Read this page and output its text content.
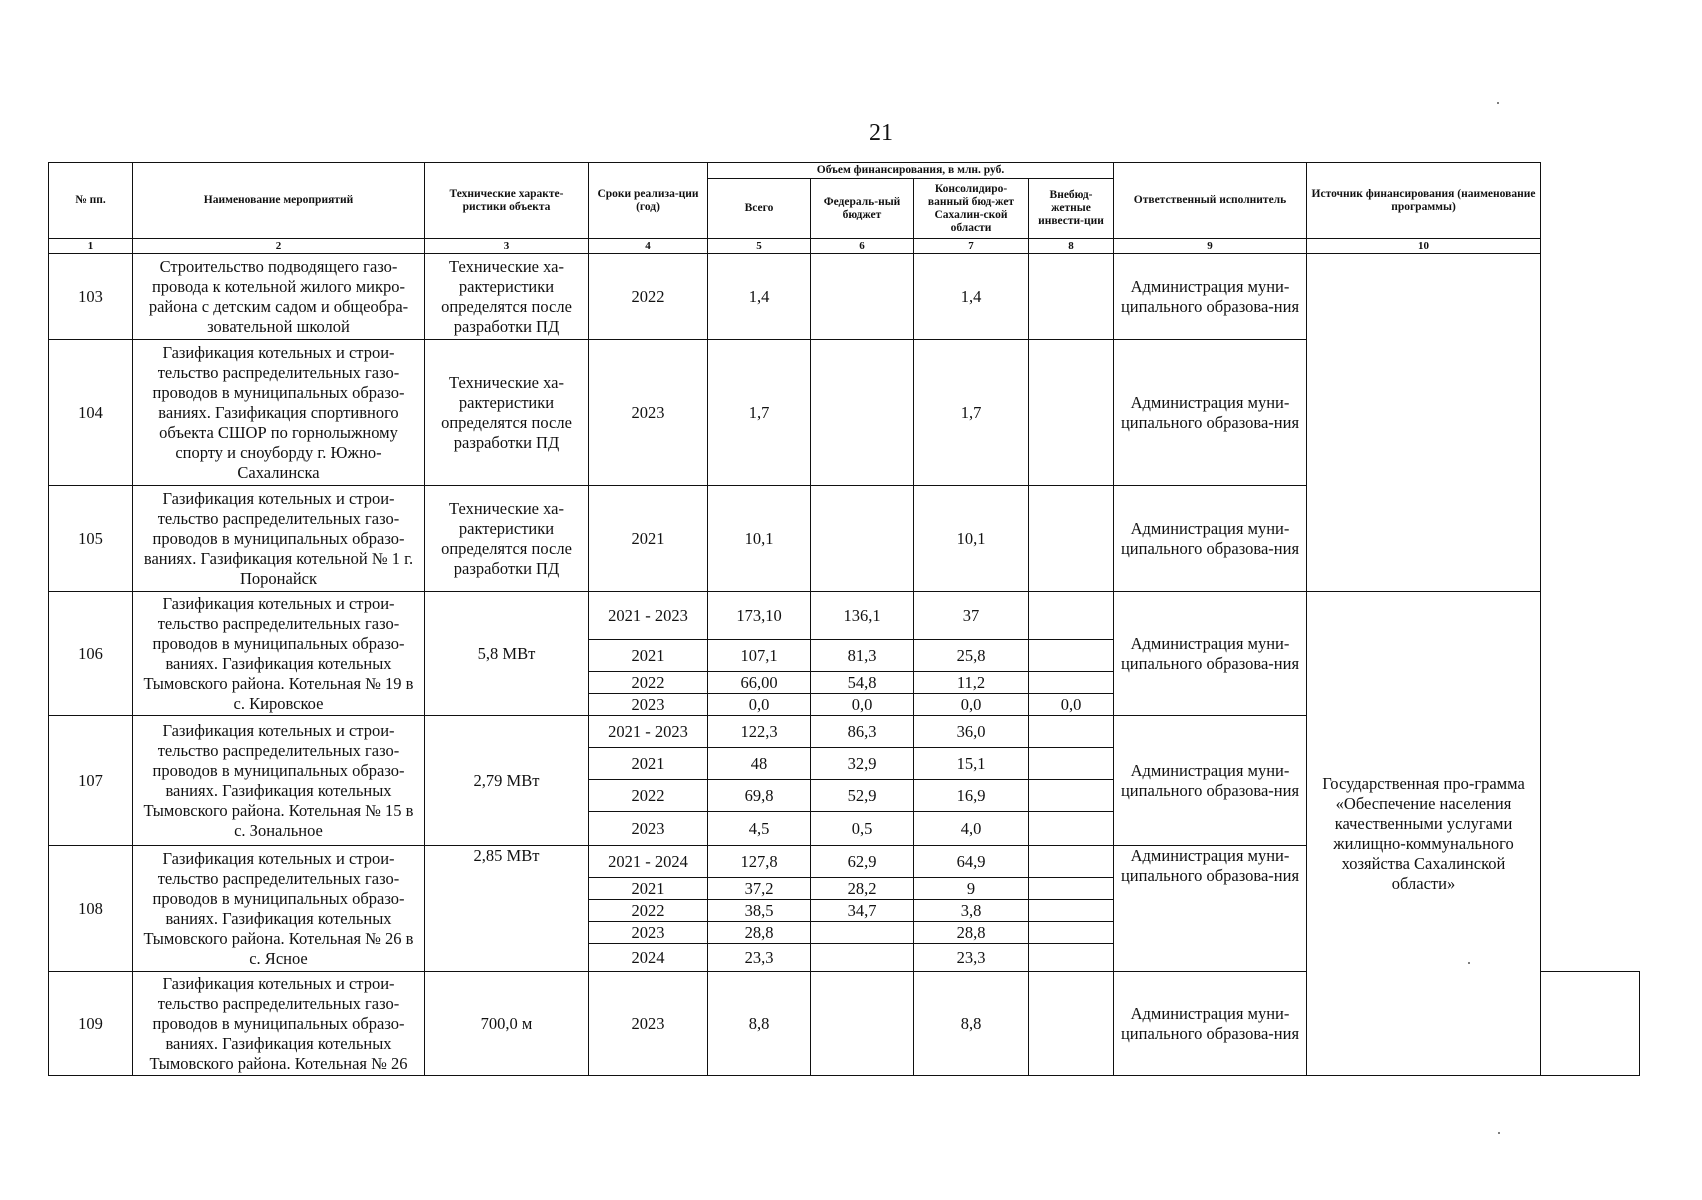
21
№ пп.	Наименование мероприятий	Технические характе-ристики объекта	Сроки реализа-ции (год)	Объем финансирования, в млн. руб.				Ответственный исполнитель	Источник финансирования (наименование программы)	
				Всего	Федераль-ный бюджет	Консолидиро-ванный бюд-жет Сахалин-ской области	Внебюд-жетные инвести-ции			
1	2	3	4	5	6	7	8	9	10	
103	Строительство подводящего газо-провода к котельной жилого микро-района с детским садом и общеобра-зовательной школой	Технические ха-рактеристики определятся после разработки ПД	2022	1,4		1,4		Администрация муни-ципального образова-ния		
104	Газификация котельных и строи-тельство распределительных газо-проводов в муниципальных образо-ваниях. Газификация спортивного объекта СШОР по горнолыжному спорту и сноуборду г. Южно-Сахалинска	Технические ха-рактеристики определятся после разработки ПД	2023	1,7		1,7		Администрация муни-ципального образова-ния		
105	Газификация котельных и строи-тельство распределительных газо-проводов в муниципальных образо-ваниях. Газификация котельной № 1 г. Поронайск	Технические ха-рактеристики определятся после разработки ПД	2021	10,1		10,1		Администрация муни-ципального образова-ния		
106	Газификация котельных и строи-тельство распределительных газо-проводов в муниципальных образо-ваниях. Газификация котельных Тымовского района. Котельная № 19 в с. Кировское	5,8 МВт	2021 - 2023	173,10	136,1	37		Администрация муни-ципального образова-ния	Государственная про-грамма «Обеспечение населения качественными услугами жилищно-коммунального хозяйства Сахалинской области»	
			2021	107,1	81,3	25,8				
			2022	66,00	54,8	11,2				
			2023	0,0	0,0	0,0	0,0			
107	Газификация котельных и строи-тельство распределительных газо-проводов в муниципальных образо-ваниях. Газификация котельных Тымовского района. Котельная № 15 в с. Зональное	2,79 МВт	2021 - 2023	122,3	86,3	36,0		Администрация муни-ципального образова-ния		
			2021	48	32,9	15,1				
			2022	69,8	52,9	16,9				
			2023	4,5	0,5	4,0				
108	Газификация котельных и строи-тельство распределительных газо-проводов в муниципальных образо-ваниях. Газификация котельных Тымовского района. Котельная № 26 в с. Ясное	2,85 МВт	2021 - 2024	127,8	62,9	64,9		Администрация муни-ципального образова-ния		
			2021	37,2	28,2	9				
			2022	38,5	34,7	3,8				
			2023	28,8		28,8				
			2024	23,3		23,3				
109	Газификация котельных и строи-тельство распределительных газо-проводов в муниципальных образо-ваниях. Газификация котельных Тымовского района. Котельная № 26	700,0 м	2023	8,8		8,8		Администрация муни-ципального образова-ния		
